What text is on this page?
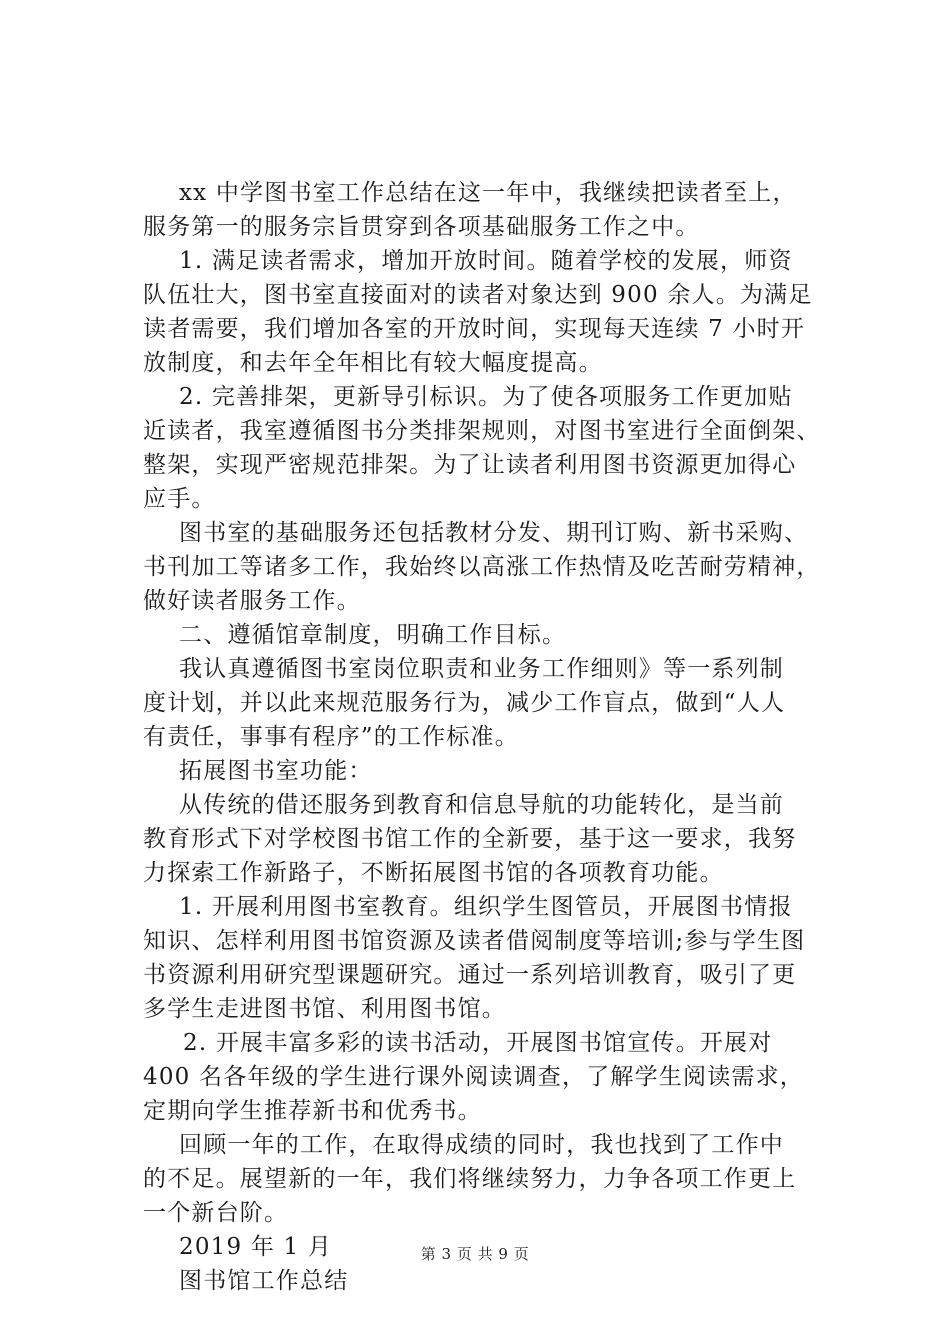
xx 中学图书室工作总结在这一年中，我继续把读者至上，
服务第一的服务宗旨贯穿到各项基础服务工作之中。
1. 满足读者需求，增加开放时间。随着学校的发展，师资
队伍壮大，图书室直接面对的读者对象达到 900 余人。为满足
读者需要，我们增加各室的开放时间，实现每天连续 7 小时开
放制度，和去年全年相比有较大幅度提高。
2. 完善排架，更新导引标识。为了使各项服务工作更加贴
近读者，我室遵循图书分类排架规则，对图书室进行全面倒架、
整架，实现严密规范排架。为了让读者利用图书资源更加得心
应手。
图书室的基础服务还包括教材分发、期刊订购、新书采购、
书刊加工等诸多工作，我始终以高涨工作热情及吃苦耐劳精神，
做好读者服务工作。
二、遵循馆章制度，明确工作目标。
我认真遵循图书室岗位职责和业务工作细则》等一系列制
度计划，并以此来规范服务行为，减少工作盲点，做到“人人
有责任，事事有程序”的工作标准。
拓展图书室功能：
从传统的借还服务到教育和信息导航的功能转化，是当前
教育形式下对学校图书馆工作的全新要，基于这一要求，我努
力探索工作新路子，不断拓展图书馆的各项教育功能。
1. 开展利用图书室教育。组织学生图管员，开展图书情报
知识、怎样利用图书馆资源及读者借阅制度等培训;参与学生图
书资源利用研究型课题研究。通过一系列培训教育，吸引了更
多学生走进图书馆、利用图书馆。
2. 开展丰富多彩的读书活动，开展图书馆宣传。开展对
400 名各年级的学生进行课外阅读调查，了解学生阅读需求，
定期向学生推荐新书和优秀书。
回顾一年的工作，在取得成绩的同时，我也找到了工作中
的不足。展望新的一年，我们将继续努力，力争各项工作更上
一个新台阶。
2019 年 1 月
图书馆工作总结
第 3 页 共 9 页
